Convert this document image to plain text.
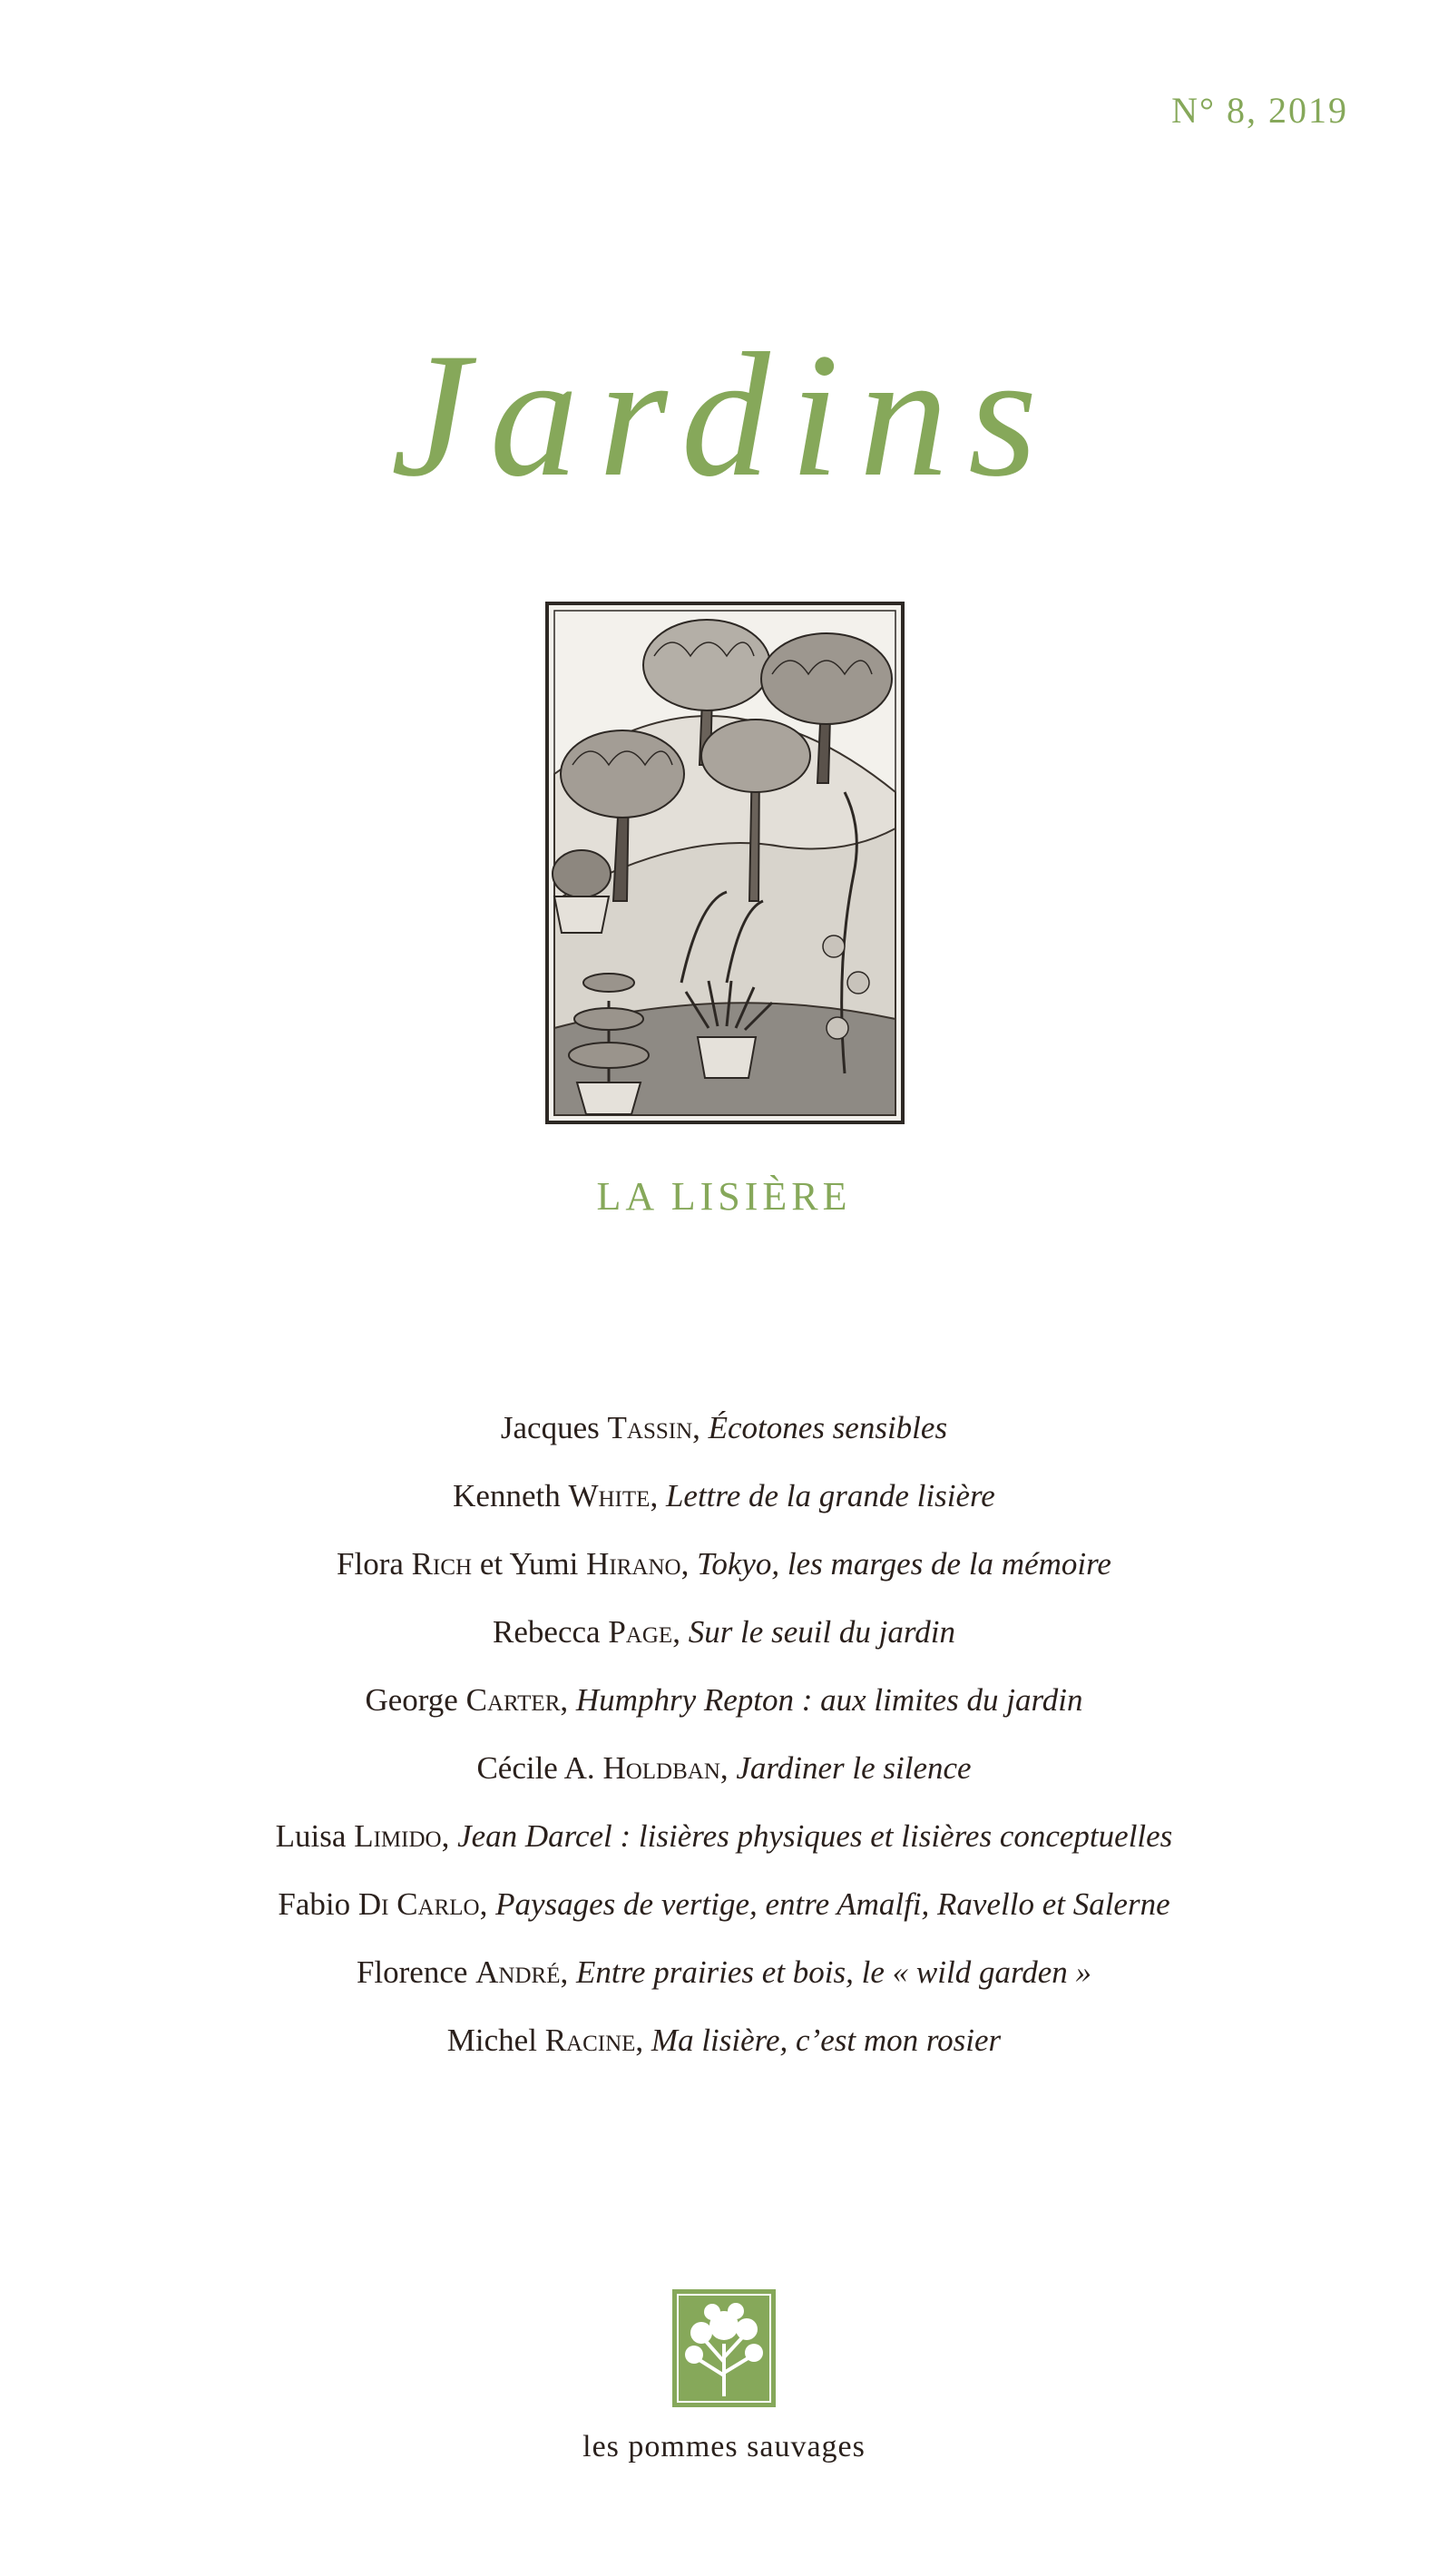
N° 8, 2019
Jardins
LA LISIÈRE
Jacques Tassin, Écotones sensibles
Kenneth White, Lettre de la grande lisière
Flora Rich et Yumi Hirano, Tokyo, les marges de la mémoire
Rebecca Page, Sur le seuil du jardin
George Carter, Humphry Repton : aux limites du jardin
Cécile A. Holdban, Jardiner le silence
Luisa Limido, Jean Darcel : lisières physiques et lisières conceptuelles
Fabio Di Carlo, Paysages de vertige, entre Amalfi, Ravello et Salerne
Florence André, Entre prairies et bois, le « wild garden »
Michel Racine, Ma lisière, c’est mon rosier
les pommes sauvages
